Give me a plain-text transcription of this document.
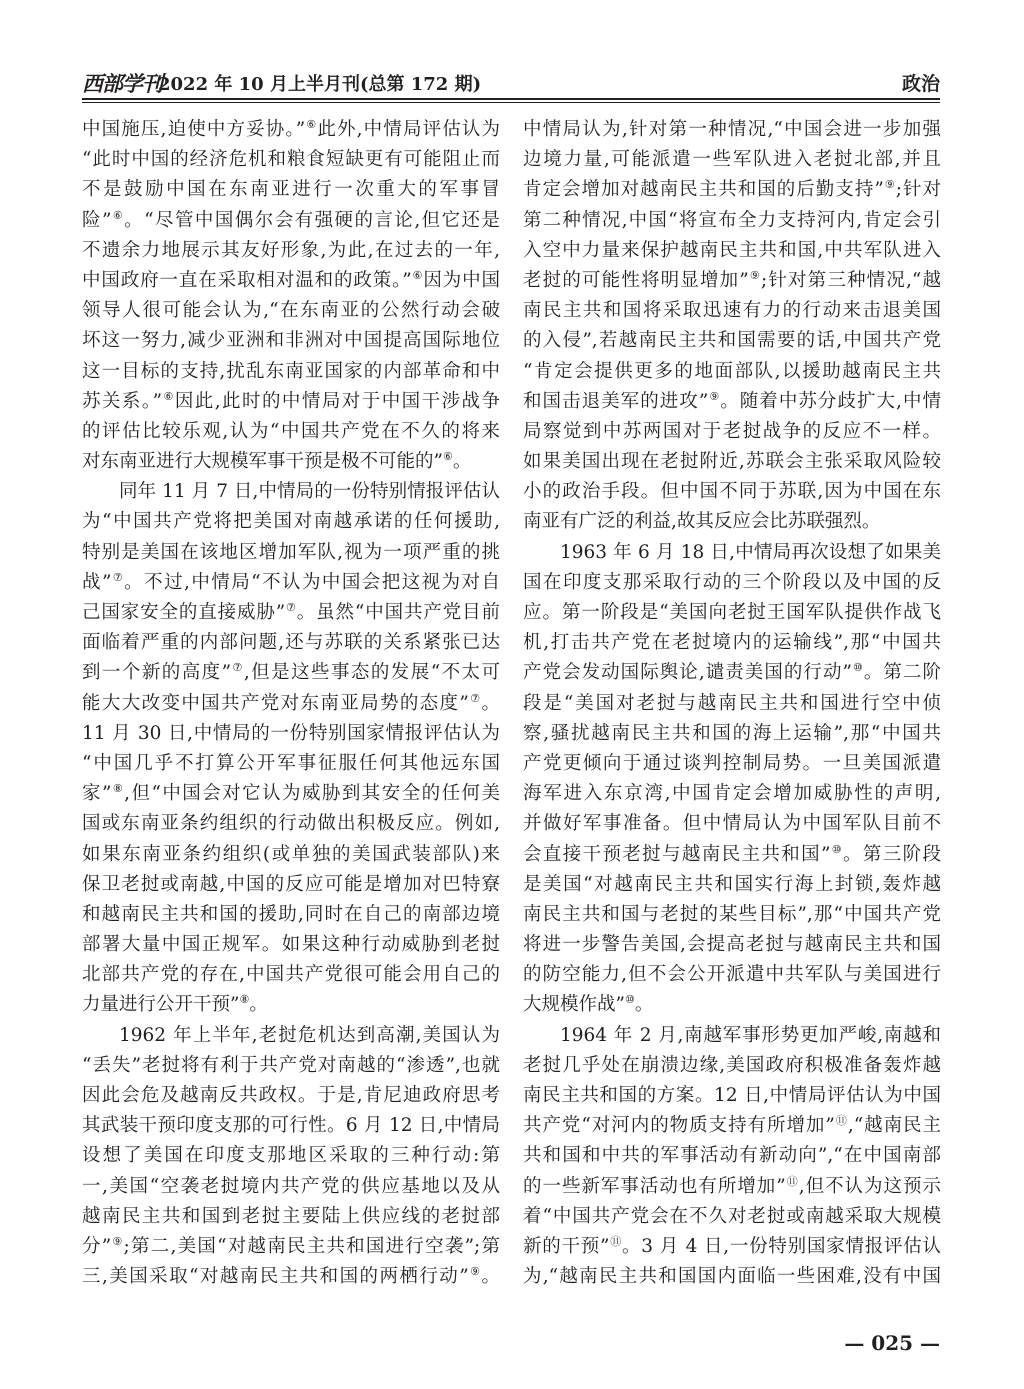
西部学刊
2022 年 10 月上半月刊(总第 172 期)	政治
中国施压,迫使中方妥协。”⑥此外,中情局评估认为
“此时中国的经济危机和粮食短缺更有可能阻止而
不是鼓励中国在东南亚进行一次重大的军事冒
险”⑥。“尽管中国偶尔会有强硬的言论,但它还是
不遗余力地展示其友好形象,为此,在过去的一年,
中国政府一直在采取相对温和的政策。”⑥因为中国
领导人很可能会认为,“在东南亚的公然行动会破
坏这一努力,减少亚洲和非洲对中国提高国际地位
这一目标的支持,扰乱东南亚国家的内部革命和中
苏关系。”⑥因此,此时的中情局对于中国干涉战争
的评估比较乐观,认为“中国共产党在不久的将来
对东南亚进行大规模军事干预是极不可能的”⑥。
同年 11 月 7 日,中情局的一份特别情报评估认
为“中国共产党将把美国对南越承诺的任何援助,
特别是美国在该地区增加军队,视为一项严重的挑
战”⑦。不过,中情局“不认为中国会把这视为对自
己国家安全的直接威胁”⑦。虽然“中国共产党目前
面临着严重的内部问题,还与苏联的关系紧张已达
到一个新的高度”⑦,但是这些事态的发展“不太可
能大大改变中国共产党对东南亚局势的态度”⑦。
11 月 30 日,中情局的一份特别国家情报评估认为
“中国几乎不打算公开军事征服任何其他远东国
家”⑧,但“中国会对它认为威胁到其安全的任何美
国或东南亚条约组织的行动做出积极反应。例如,
如果东南亚条约组织(或单独的美国武装部队)来
保卫老挝或南越,中国的反应可能是增加对巴特寮
和越南民主共和国的援助,同时在自己的南部边境
部署大量中国正规军。如果这种行动威胁到老挝
北部共产党的存在,中国共产党很可能会用自己的
力量进行公开干预”⑧。
1962 年上半年,老挝危机达到高潮,美国认为
“丢失”老挝将有利于共产党对南越的“渗透”,也就
因此会危及越南反共政权。于是,肯尼迪政府思考
其武装干预印度支那的可行性。6 月 12 日,中情局
设想了美国在印度支那地区采取的三种行动:第
一,美国“空袭老挝境内共产党的供应基地以及从
越南民主共和国到老挝主要陆上供应线的老挝部
分”⑨;第二,美国“对越南民主共和国进行空袭”;第
三,美国采取“对越南民主共和国的两栖行动”⑨。
中情局认为,针对第一种情况,“中国会进一步加强
边境力量,可能派遣一些军队进入老挝北部,并且
肯定会增加对越南民主共和国的后勤支持”⑨;针对
第二种情况,中国“将宣布全力支持河内,肯定会引
入空中力量来保护越南民主共和国,中共军队进入
老挝的可能性将明显增加”⑨;针对第三种情况,“越
南民主共和国将采取迅速有力的行动来击退美国
的入侵”,若越南民主共和国需要的话,中国共产党
“肯定会提供更多的地面部队,以援助越南民主共
和国击退美军的进攻”⑨。随着中苏分歧扩大,中情
局察觉到中苏两国对于老挝战争的反应不一样。
如果美国出现在老挝附近,苏联会主张采取风险较
小的政治手段。但中国不同于苏联,因为中国在东
南亚有广泛的利益,故其反应会比苏联强烈。
1963 年 6 月 18 日,中情局再次设想了如果美
国在印度支那采取行动的三个阶段以及中国的反
应。第一阶段是“美国向老挝王国军队提供作战飞
机,打击共产党在老挝境内的运输线”,那“中国共
产党会发动国际舆论,谴责美国的行动”⑩。第二阶
段是“美国对老挝与越南民主共和国进行空中侦
察,骚扰越南民主共和国的海上运输”,那“中国共
产党更倾向于通过谈判控制局势。一旦美国派遣
海军进入东京湾,中国肯定会增加威胁性的声明,
并做好军事准备。但中情局认为中国军队目前不
会直接干预老挝与越南民主共和国”⑩。第三阶段
是美国“对越南民主共和国实行海上封锁,轰炸越
南民主共和国与老挝的某些目标”,那“中国共产党
将进一步警告美国,会提高老挝与越南民主共和国
的防空能力,但不会公开派遣中共军队与美国进行
大规模作战”⑩。
1964 年 2 月,南越军事形势更加严峻,南越和
老挝几乎处在崩溃边缘,美国政府积极准备轰炸越
南民主共和国的方案。12 日,中情局评估认为中国
共产党“对河内的物质支持有所增加”⑪,“越南民主
共和国和中共的军事活动有新动向”,“在中国南部
的一些新军事活动也有所增加”⑪,但不认为这预示
着“中国共产党会在不久对老挝或南越采取大规模
新的干预”⑪。3 月 4 日,一份特别国家情报评估认
为,“越南民主共和国国内面临一些困难,没有中国
— 025 —
